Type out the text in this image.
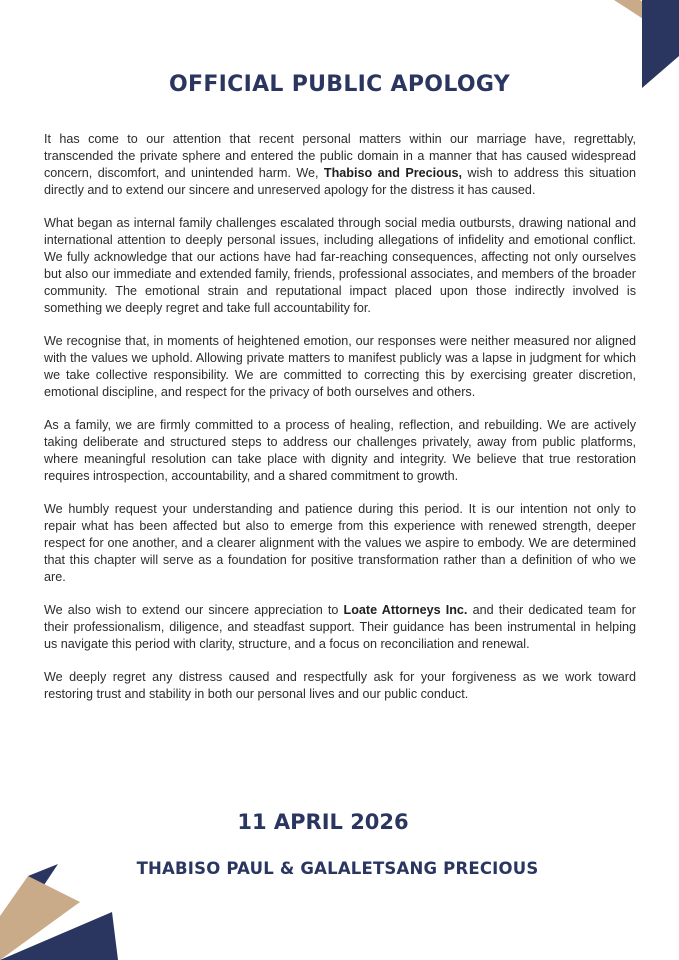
OFFICIAL PUBLIC APOLOGY

It has come to our attention that recent personal matters within our marriage have, regrettably, transcended the private sphere and entered the public domain in a manner that has caused widespread concern, discomfort, and unintended harm. We, Thabiso and Precious, wish to address this situation directly and to extend our sincere and unreserved apology for the distress it has caused.

What began as internal family challenges escalated through social media outbursts, drawing national and international attention to deeply personal issues, including allegations of infidelity and emotional conflict. We fully acknowledge that our actions have had far-reaching consequences, affecting not only ourselves but also our immediate and extended family, friends, professional associates, and members of the broader community. The emotional strain and reputational impact placed upon those indirectly involved is something we deeply regret and take full accountability for.

We recognise that, in moments of heightened emotion, our responses were neither measured nor aligned with the values we uphold. Allowing private matters to manifest publicly was a lapse in judgment for which we take collective responsibility. We are committed to correcting this by exercising greater discretion, emotional discipline, and respect for the privacy of both ourselves and others.

As a family, we are firmly committed to a process of healing, reflection, and rebuilding. We are actively taking deliberate and structured steps to address our challenges privately, away from public platforms, where meaningful resolution can take place with dignity and integrity. We believe that true restoration requires introspection, accountability, and a shared commitment to growth.

We humbly request your understanding and patience during this period. It is our intention not only to repair what has been affected but also to emerge from this experience with renewed strength, deeper respect for one another, and a clearer alignment with the values we aspire to embody. We are determined that this chapter will serve as a foundation for positive transformation rather than a definition of who we are.

We also wish to extend our sincere appreciation to Loate Attorneys Inc. and their dedicated team for their professionalism, diligence, and steadfast support. Their guidance has been instrumental in helping us navigate this period with clarity, structure, and a focus on reconciliation and renewal.

We deeply regret any distress caused and respectfully ask for your forgiveness as we work toward restoring trust and stability in both our personal lives and our public conduct.

11 APRIL 2026
THABISO PAUL & GALALETSANG PRECIOUS
